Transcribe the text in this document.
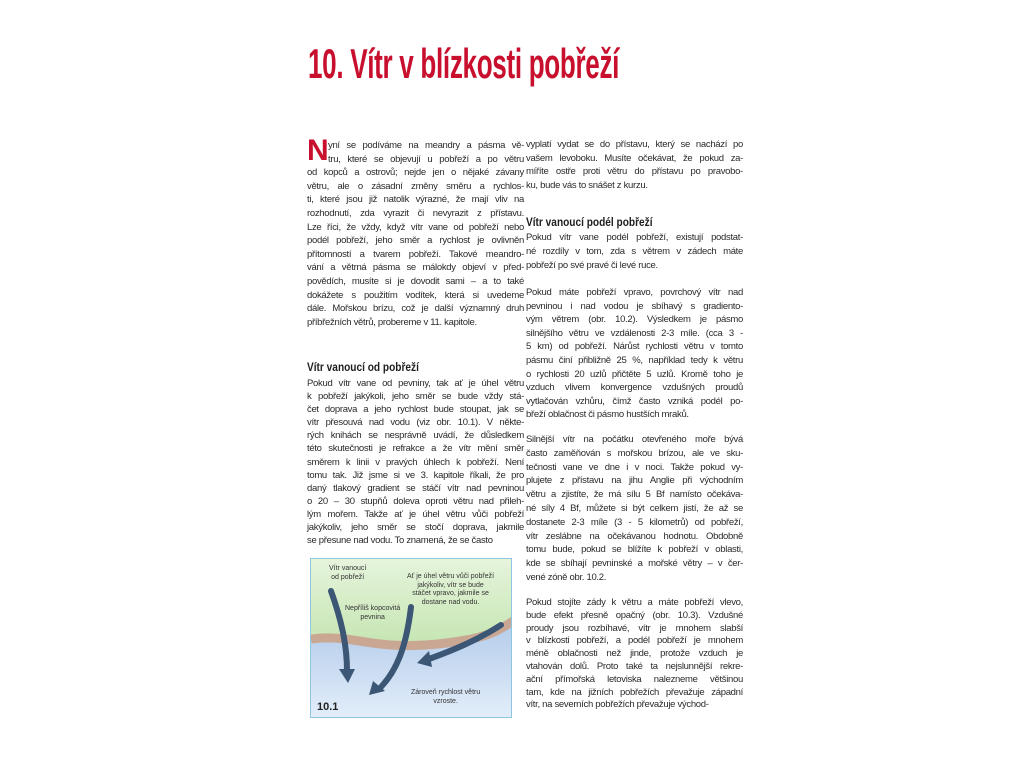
10. Vítr v blízkosti pobřeží
N yní se podíváme na meandry a pásma vě-
tru, které se objevují u pobřeží a po větru
od kopců a ostrovů; nejde jen o nějaké závany
větru, ale o zásadní změny směru a rychlos-
ti, které jsou již natolik výrazné, že mají vliv na
rozhodnutí, zda vyrazit či nevyrazit z přístavu.
Lze říci, že vždy, když vítr vane od pobřeží nebo
podél pobřeží, jeho směr a rychlost je ovlivněn
přítomností a tvarem pobřeží. Takové meandro-
vání a větrná pásma se málokdy objeví v před-
povědích, musíte si je dovodit sami – a to také
dokážete s použitím vodítek, která si uvedeme
dále. Mořskou brízu, což je další významný druh
příbřežních větrů, probereme v 11. kapitole.
Vítr vanoucí od pobřeží
Pokud vítr vane od pevniny, tak ať je úhel větru
k pobřeží jakýkoli, jeho směr se bude vždy stá-
čet doprava a jeho rychlost bude stoupat, jak se
vítr přesouvá nad vodu (viz obr. 10.1). V někte-
rých knihách se nesprávně uvádí, že důsledkem
této skutečnosti je refrakce a že vítr mění směr
směrem k linii v pravých úhlech k pobřeží. Není
tomu tak. Již jsme si ve 3. kapitole říkali, že pro
daný tlakový gradient se stáčí vítr nad pevninou
o 20 – 30 stupňů doleva oproti větru nad přileh-
lým mořem. Takže ať je úhel větru vůči pobřeží
jakýkoliv, jeho směr se stočí doprava, jakmile
se přesune nad vodu. To znamená, že se často
vyplatí vydat se do přístavu, který se nachází po
vašem levoboku. Musíte očekávat, že pokud za-
míříte ostře proti větru do přístavu po pravobo-
ku, bude vás to snášet z kurzu.
Vítr vanoucí podél pobřeží
Pokud vítr vane podél pobřeží, existují podstat-
né rozdíly v tom, zda s větrem v zádech máte
pobřeží po své pravé či levé ruce.
Pokud máte pobřeží vpravo, povrchový vítr nad
pevninou i nad vodou je sbíhavý s gradiento-
vým větrem (obr. 10.2). Výsledkem je pásmo
silnějšího větru ve vzdálenosti 2-3 míle. (cca 3 -
5 km) od pobřeží. Nárůst rychlosti větru v tomto
pásmu činí přibližně 25 %, například tedy k větru
o rychlosti 20 uzlů přičtěte 5 uzlů. Kromě toho je
vzduch vlivem konvergence vzdušných proudů
vytlačován vzhůru, čímž často vzniká podél po-
břeží oblačnost či pásmo hustších mraků.
Silnější vítr na počátku otevřeného moře bývá
často zaměňován s mořskou brízou, ale ve sku-
tečnosti vane ve dne i v noci. Takže pokud vy-
plujete z přístavu na jihu Anglie při východním
větru a zjistíte, že má sílu 5 Bf namísto očekáva-
né síly 4 Bf, můžete si být celkem jistí, že až se
dostanete 2-3 míle (3 - 5 kilometrů) od pobřeží,
vítr zeslábne na očekávanou hodnotu. Obdobně
tomu bude, pokud se blížíte k pobřeží v oblasti,
kde se sbíhají pevninské a mořské větry – v čer-
vené zóně obr. 10.2.
Pokud stojíte zády k větru a máte pobřeží vlevo,
bude efekt přesně opačný (obr. 10.3). Vzdušné
proudy jsou rozbíhavé, vítr je mnohem slabší
v blízkosti pobřeží, a podél pobřeží je mnohem
méně oblačnosti než jinde, protože vzduch je
vtahován dolů. Proto také ta nejslunnější rekre-
ační přímořská letoviska nalezneme většinou
tam, kde na jižních pobřežích převažuje západní
vítr, na severních pobřežích převažuje východ-
Vítr vanoucí
od pobřeží	Ať je úhel větru vůči pobřeží
jakýkoliv, vítr se bude
stáčet vpravo, jakmile se
dostane nad vodu.
Nepříliš kopcovitá
pevnina
Zároveň rychlost větru
vzroste.
10.1
